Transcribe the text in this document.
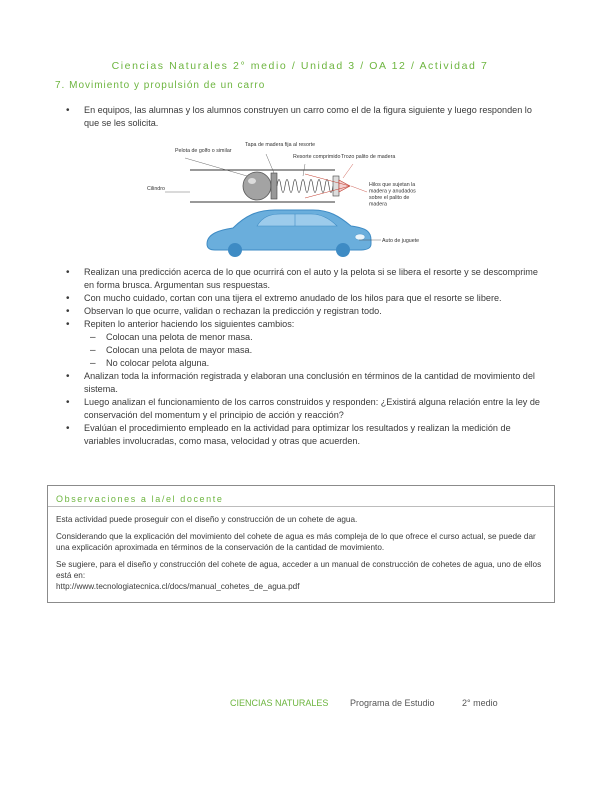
Ciencias Naturales 2° medio / Unidad 3 / OA 12 / Actividad 7
7. Movimiento y propulsión de un carro
• En equipos, las alumnas y los alumnos construyen un carro como el de la figura siguiente y luego responden lo que se les solicita.
Pelota de golfo o similar
Tapa de madera fija al resorte
Resorte comprimido Trozo palito de madera
Cilindro
Hilos que sujetan la madera y anudados sobre el palito de madera
Auto de juguete
• Realizan una predicción acerca de lo que ocurrirá con el auto y la pelota si se libera el resorte y se descomprime en forma brusca. Argumentan sus respuestas.
• Con mucho cuidado, cortan con una tijera el extremo anudado de los hilos para que el resorte se libere.
• Observan lo que ocurre, validan o rechazan la predicción y registran todo.
• Repiten lo anterior haciendo los siguientes cambios:
– Colocan una pelota de menor masa.
– Colocan una pelota de mayor masa.
– No colocar pelota alguna.
• Analizan toda la información registrada y elaboran una conclusión en términos de la cantidad de movimiento del sistema.
• Luego analizan el funcionamiento de los carros construidos y responden: ¿Existirá alguna relación entre la ley de conservación del momentum y el principio de acción y reacción?
• Evalúan el procedimiento empleado en la actividad para optimizar los resultados y realizan la medición de variables involucradas, como masa, velocidad y otras que acuerden.
Observaciones a la/el docente

Esta actividad puede proseguir con el diseño y construcción de un cohete de agua.

Considerando que la explicación del movimiento del cohete de agua es más compleja de lo que ofrece el curso actual, se puede dar una explicación aproximada en términos de la conservación de la cantidad de movimiento.

Se sugiere, para el diseño y construcción del cohete de agua, acceder a un manual de construcción de cohetes de agua, uno de ellos está en:

http://www.tecnologiatecnica.cl/docs/manual_cohetes_de_agua.pdf

CIENCIAS NATURALES Programa de Estudio	2° medio
